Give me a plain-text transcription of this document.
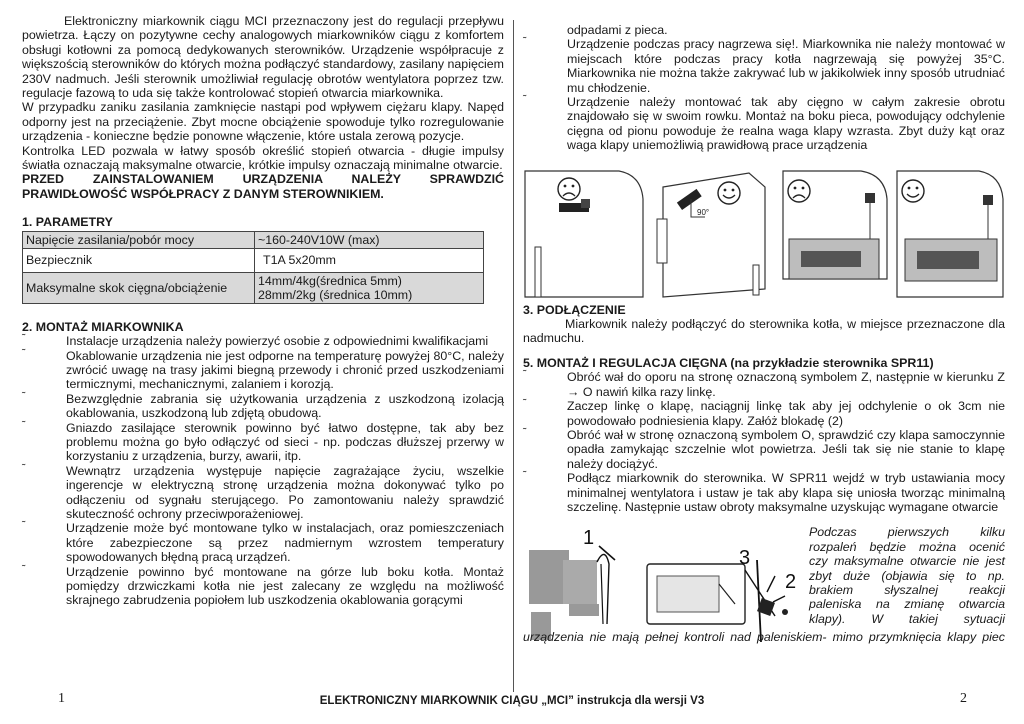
Elektroniczny miarkownik ciągu MCI przeznaczony jest do regulacji przepływu powietrza. Łączy on pozytywne cechy analogowych miarkowników ciągu z komfortem obsługi kotłowni za pomocą dedykowanych sterowników. Urządzenie współpracuje z większością sterowników do których można podłączyć standardowy, zasilany napięciem 230V nadmuch. Jeśli sterownik umożliwiał regulację obrotów wentylatora poprzez tzw. regulacje fazową to uda się także kontrolować stopień otwarcia miarkownika.

W przypadku zaniku zasilania zamknięcie nastąpi pod wpływem ciężaru klapy. Napęd odporny jest na przeciążenie. Zbyt mocne obciążenie spowoduje tylko rozregulowanie urządzenia - konieczne będzie ponowne włączenie, które ustala zerową pozycje.

Kontrolka LED pozwala w łatwy sposób określić stopień otwarcia - długie impulsy światła oznaczają maksymalne otwarcie, krótkie impulsy oznaczają minimalne otwarcie.

PRZED ZAINSTALOWANIEM URZĄDZENIA NALEŻY SPRAWDZIĆ

PRAWIDŁOWOŚĆ WSPÓŁPRACY Z DANYM STEROWNIKIEM.

1. PARAMETRY
Napięcie zasilania/pobór mocy	~160-240V10W (max)
Bezpiecznik	T1A 5x20mm
Maksymalne skok cięgna/obciążenie	14mm/4kg(średnica 5mm)
28mm/2kg (średnica 10mm)
2. MONTAŻ MIARKOWNIKA
˜	Instalacje urządzenia należy powierzyć osobie z odpowiednimi kwalifikacjami
˜	Okablowanie urządzenia nie jest odporne na temperaturę powyżej 80°C, należy zwrócić uwagę na trasy jakimi biegną przewody i chronić przed uszkodzeniami termicznymi, mechanicznymi, zalaniem i korozją.
˜	Bezwzględnie zabrania się użytkowania urządzenia z uszkodzoną izolacją okablowania, uszkodzoną lub zdjętą obudową.
˜	Gniazdo zasilające sterownik powinno być łatwo dostępne, tak aby bez problemu można go było odłączyć od sieci - np. podczas dłuższej przerwy w korzystaniu z urządzenia, burzy, awarii, itp.
˜	Wewnątrz urządzenia występuje napięcie zagrażające życiu, wszelkie ingerencje w elektryczną stronę urządzenia można dokonywać tylko po odłączeniu od sygnału sterującego. Po zamontowaniu należy sprawdzić skuteczność ochrony przeciwporażeniowej.
˜	Urządzenie może być montowane tylko w instalacjach, oraz pomieszczeniach które zabezpieczone są przez nadmiernym wzrostem temperatury spowodowanych błędną pracą urządzeń.
˜	Urządzenie powinno być montowane na górze lub boku kotła. Montaż pomiędzy drzwiczkami kotła nie jest zalecany ze względu na możliwość skrajnego zabrudzenia popiołem lub uszkodzenia okablowania gorącymi

odpadami z pieca.

˜	Urządzenie podczas pracy nagrzewa się!. Miarkownika nie należy montować w miejscach które podczas pracy kotła nagrzewają się powyżej 35°C. Miarkownika nie można także zakrywać lub w jakikolwiek inny sposób utrudniać mu chłodzenie.
˜	Urządzenie należy montować tak aby cięgno w całym zakresie obrotu znajdowało się w swoim rowku. Montaż na boku pieca, powodujący odchylenie cięgna od pionu powoduje że realna waga klapy wzrasta. Zbyt duży kąt oraz waga klapy uniemożliwią prawidłową prace urządzenia
90°
3. PODŁĄCZENIE

Miarkownik należy podłączyć do sterownika kotła, w miejsce przeznaczone dla nadmuchu.

5. MONTAŻ I REGULACJA CIĘGNA (na przykładzie sterownika SPR11)
˜	Obróć wał do oporu na stronę oznaczoną symbolem Z, następnie w kierunku Z → O nawiń kilka razy linkę.
˜	Zaczep linkę o klapę, naciągnij linkę tak aby jej odchylenie o ok 3cm nie powodowało podniesienia klapy. Załóż blokadę (2)
˜	Obróć wał w stronę oznaczoną symbolem O, sprawdzić czy klapa samoczynnie opadła zamykając szczelnie wlot powietrza. Jeśli tak się nie stanie to klapę należy dociążyć.
˜	Podłącz miarkownik do sterownika. W SPR11 wejdź w tryb ustawiania mocy minimalnej wentylatora i ustaw je tak aby klapa się uniosła tworząc minimalną szczelinę. Następnie ustaw obroty maksymalne uzyskując wymagane otwarcie
1
3
2

Podczas pierwszych kilku

rozpaleń będzie można ocenić

czy maksymalne otwarcie nie jest

zbyt duże (objawia się to np.

brakiem słyszalnej reakcji

paleniska na zmianę otwarcia

klapy). W takiej sytuacji

urządzenia nie mają pełnej kontroli nad paleniskiem- mimo przymknięcia klapy piec

1	ELEKTRONICZNY MIARKOWNIK CIĄGU „MCI” instrukcja dla wersji V3	2
